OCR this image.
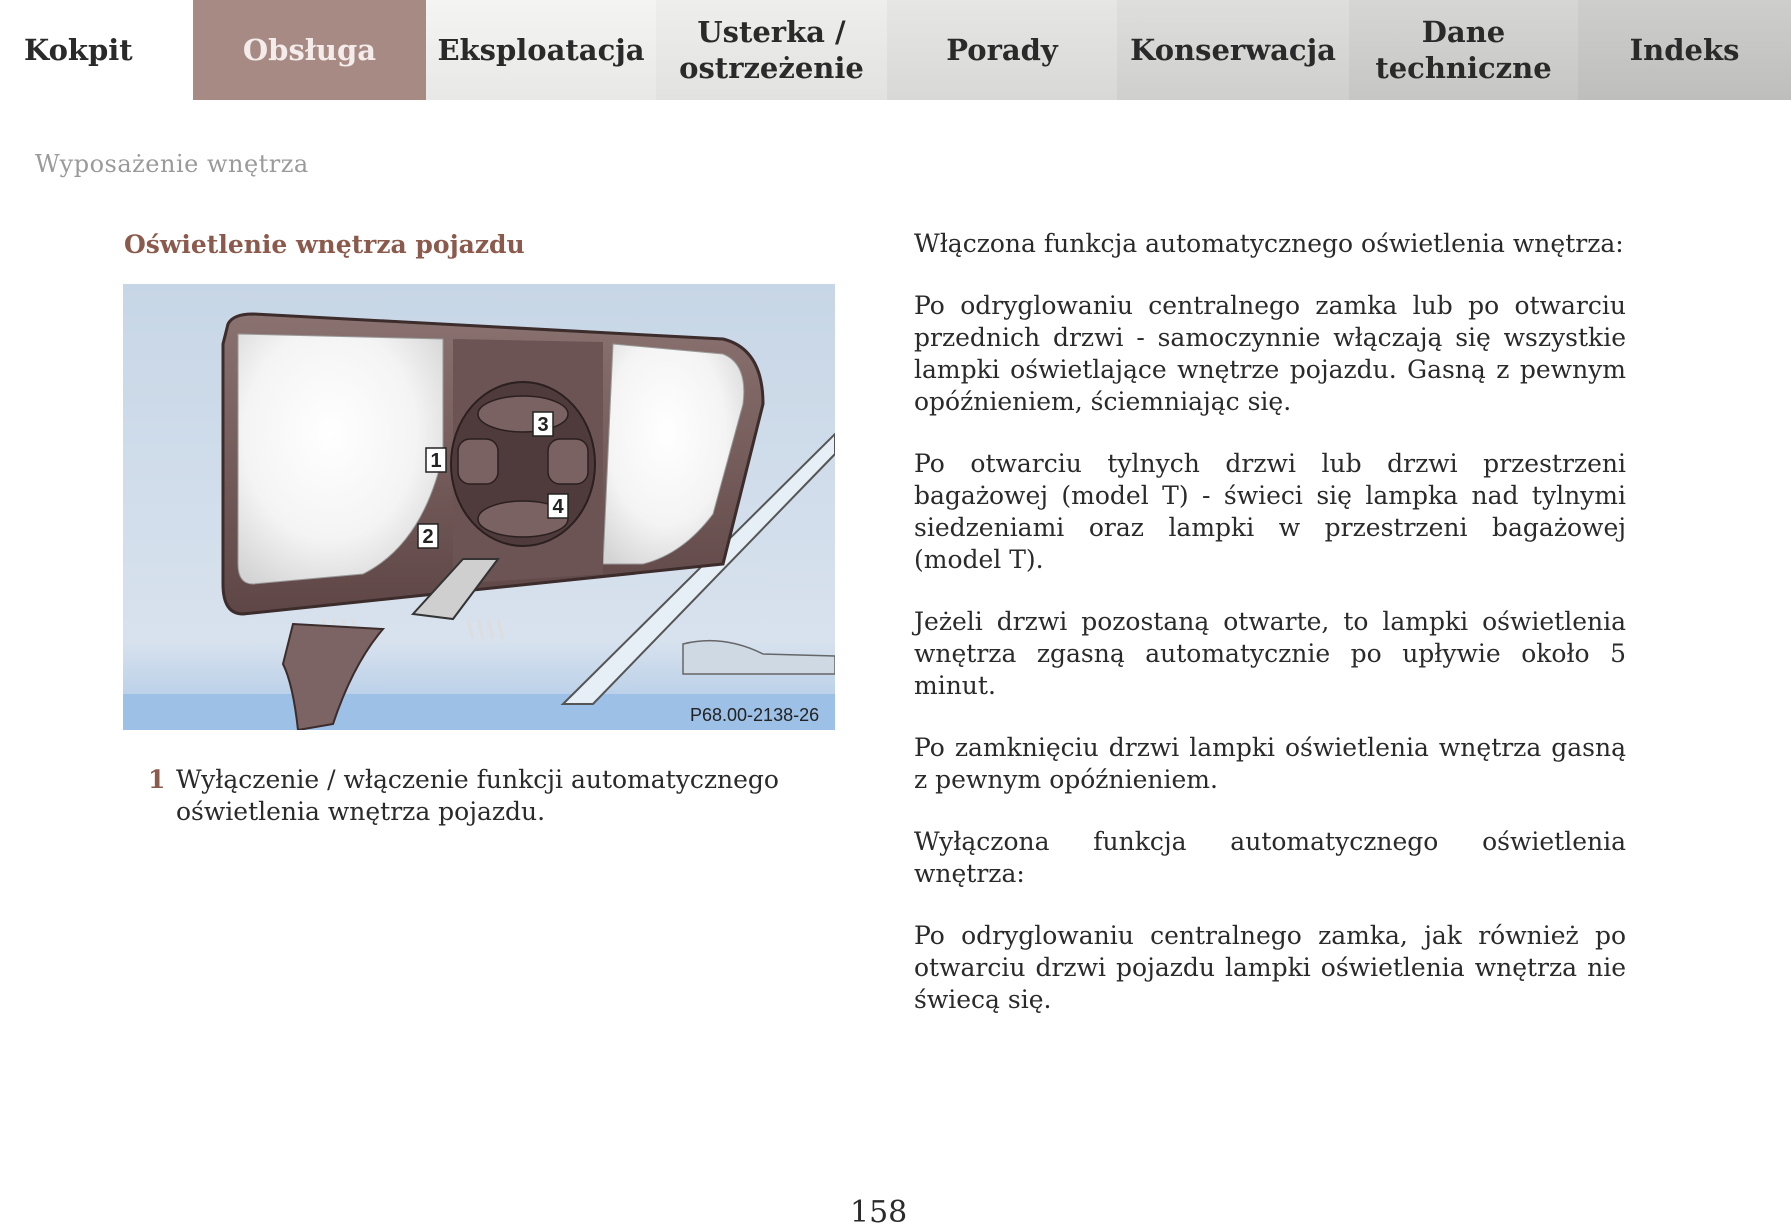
Kokpit	Obsługa Eksploatacja
Usterka /
ostrzeżenie
Porady Konserwacja
Dane
techniczne
Indeks
Wyposażenie wnętrza
Oświetlenie wnętrza pojazdu
1
2
3
4
P68.00-2138-26
1 Wyłączenie / włączenie funkcji automatycznego oświetlenia wnętrza pojazdu.

Włączona funkcja automatycznego oświetlenia wnętrza:

Po odryglowaniu centralnego zamka lub po otwarciu przednich drzwi - samoczynnie włączają się wszystkie lampki oświetlające wnętrze pojazdu. Gasną z pewnym opóźnieniem, ściemniając się.

Po otwarciu tylnych drzwi lub drzwi przestrzeni bagażowej (model T) - świeci się lampka nad tylnymi siedzeniami oraz lampki w przestrzeni bagażowej (model T).

Jeżeli drzwi pozostaną otwarte, to lampki oświetlenia wnętrza zgasną automatycznie po upływie około 5 minut.

Po zamknięciu drzwi lampki oświetlenia wnętrza gasną z pewnym opóźnieniem.

Wyłączona funkcja automatycznego oświetlenia wnętrza:

Po odryglowaniu centralnego zamka, jak również po otwarciu drzwi pojazdu lampki oświetlenia wnętrza nie świecą się.

158
